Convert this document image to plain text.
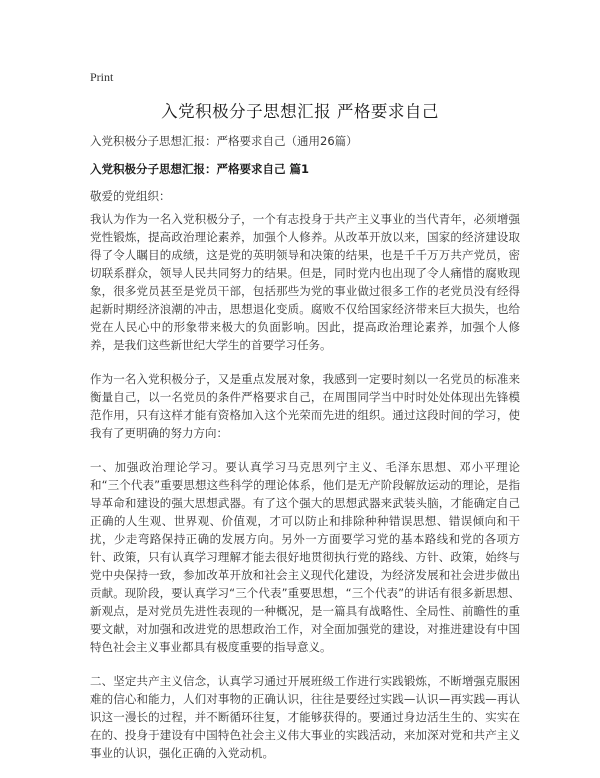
Print
入党积极分子思想汇报 严格要求自己
入党积极分子思想汇报：严格要求自己（通用26篇）
入党积极分子思想汇报：严格要求自己 篇1
敬爱的党组织：

我认为作为一名入党积极分子，一个有志投身于共产主义事业的当代青年，必须增强党性锻炼，提高政治理论素养，加强个人修养。从改革开放以来，国家的经济建设取得了令人瞩目的成绩，这是党的英明领导和决策的结果，也是千千万万共产党员，密切联系群众，领导人民共同努力的结果。但是，同时党内也出现了令人痛惜的腐败现象，很多党员甚至是党员干部，包括那些为党的事业做过很多工作的老党员没有经得起新时期经济浪潮的冲击，思想退化变质。腐败不仅给国家经济带来巨大损失，也给党在人民心中的形象带来极大的负面影响。因此，提高政治理论素养，加强个人修养，是我们这些新世纪大学生的首要学习任务。

作为一名入党积极分子，又是重点发展对象，我感到一定要时刻以一名党员的标准来衡量自己，以一名党员的条件严格要求自己，在周围同学当中时时处处体现出先锋模范作用，只有这样才能有资格加入这个光荣而先进的组织。通过这段时间的学习，使我有了更明确的努力方向：

一、加强政治理论学习。要认真学习马克思列宁主义、毛泽东思想、邓小平理论和“三个代表”重要思想这些科学的理论体系，他们是无产阶段解放运动的理论，是指导革命和建设的强大思想武器。有了这个强大的思想武器来武装头脑，才能确定自己正确的人生观、世界观、价值观，才可以防止和排除种种错误思想、错误倾向和干扰，少走弯路保持正确的发展方向。另外一方面要学习党的基本路线和党的各项方针、政策，只有认真学习理解才能去很好地贯彻执行党的路线、方针、政策，始终与党中央保持一致，参加改革开放和社会主义现代化建设，为经济发展和社会进步做出贡献。现阶段，要认真学习“三个代表”重要思想，“三个代表”的讲话有很多新思想、新观点，是对党员先进性表现的一种概况，是一篇具有战略性、全局性、前瞻性的重要文献，对加强和改进党的思想政治工作，对全面加强党的建设，对推进建设有中国特色社会主义事业都具有极度重要的指导意义。

二、坚定共产主义信念，认真学习通过开展班级工作进行实践锻炼，不断增强克服困难的信心和能力，人们对事物的正确认识，往往是要经过实践—认识—再实践—再认识这一漫长的过程，并不断循环往复，才能够获得的。要通过身边活生生的、实实在在的、投身于建设有中国特色社会主义伟大事业的实践活动，来加深对党和共产主义事业的认识，强化正确的入党动机。
